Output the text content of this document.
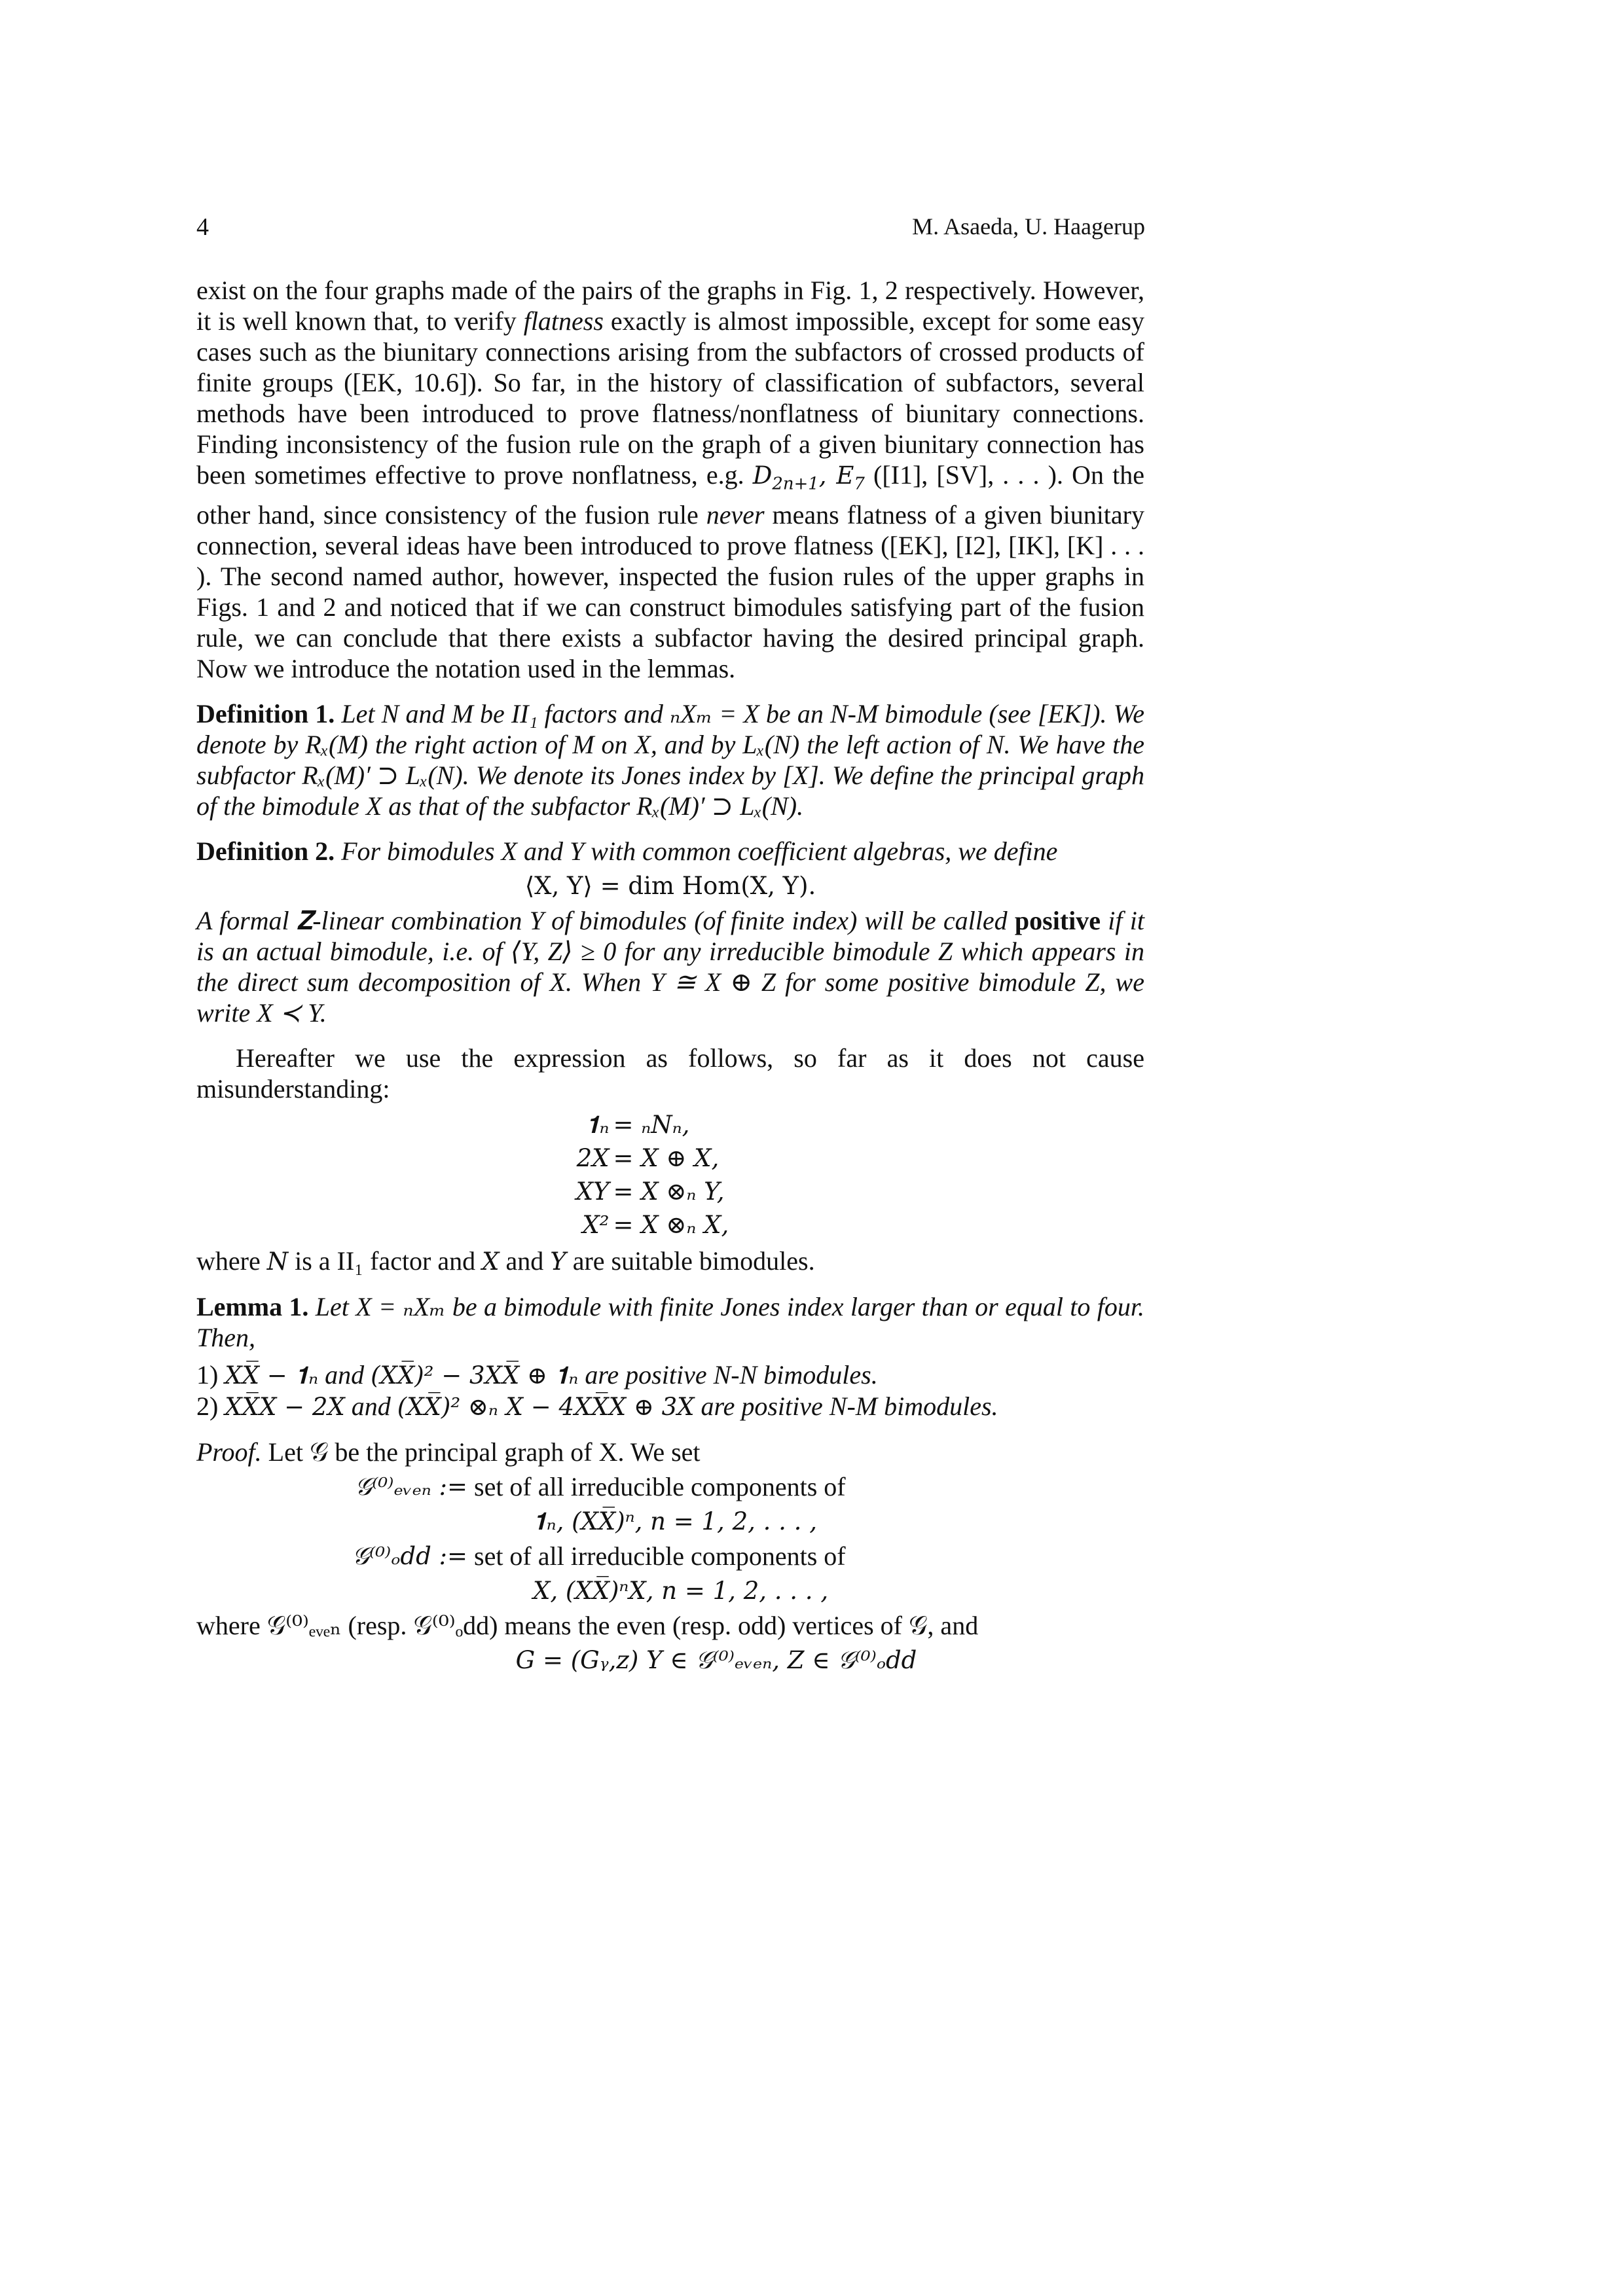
4	M. Asaeda, U. Haagerup

exist on the four graphs made of the pairs of the graphs in Fig. 1, 2 respectively. However, it is well known that, to verify flatness exactly is almost impossible, except for some easy cases such as the biunitary connections arising from the subfactors of crossed products of finite groups ([EK, 10.6]). So far, in the history of classification of subfactors, several methods have been introduced to prove flatness/nonflatness of biunitary connections. Finding inconsistency of the fusion rule on the graph of a given biunitary connection has been sometimes effective to prove nonflatness, e.g. $D_{2n+1}$, $E_7$ ([I1], [SV], . . . ). On the other hand, since consistency of the fusion rule never means flatness of a given biunitary connection, several ideas have been introduced to prove flatness ([EK], [I2], [IK], [K] . . . ). The second named author, however, inspected the fusion rules of the upper graphs in Figs. 1 and 2 and noticed that if we can construct bimodules satisfying part of the fusion rule, we can conclude that there exists a subfactor having the desired principal graph. Now we introduce the notation used in the lemmas.

Definition 1. Let N and M be II₁ factors and ₙXₘ = X be an N-M bimodule (see [EK]). We denote by Rₓ(M) the right action of M on X, and by Lₓ(N) the left action of N. We have the subfactor Rₓ(M)′ ⊃ Lₓ(N). We denote its Jones index by [X]. We define the principal graph of the bimodule X as that of the subfactor Rₓ(M)′ ⊃ Lₓ(N).

Definition 2. For bimodules X and Y with common coefficient algebras, we define

⟨X, Y⟩ = dim Hom(X, Y).

A formal 𝐙-linear combination Y of bimodules (of finite index) will be called positive if it is an actual bimodule, i.e. of ⟨Y, Z⟩ ≥ 0 for any irreducible bimodule Z which appears in the direct sum decomposition of X. When Y ≅ X ⊕ Z for some positive bimodule Z, we write X ≺ Y.

Hereafter we use the expression as follows, so far as it does not cause misunderstanding:

𝟏ₙ = ₙNₙ,
2X = X ⊕ X,
XY = X ⊗ₙ Y,
X² = X ⊗ₙ X,

where N is a II₁ factor and X and Y are suitable bimodules.

Lemma 1. Let X = ₙXₘ be a bimodule with finite Jones index larger than or equal to four. Then,

1) XX̅ − 𝟏ₙ and (XX̅)² − 3XX̅ ⊕ 𝟏ₙ are positive N-N bimodules.

2) XX̅X − 2X and (XX̅)² ⊗ₙ X − 4XX̅X ⊕ 3X are positive N-M bimodules.

Proof. Let 𝒢 be the principal graph of X. We set

𝒢⁽⁰⁾ₑᵥₑₙ := set of all irreducible components of
𝟏ₙ, (XX̅)ⁿ, n = 1, 2, . . . ,
𝒢⁽⁰⁾ₒdd := set of all irreducible components of
X, (XX̅)ⁿX, n = 1, 2, . . . ,

where 𝒢⁽⁰⁾ₑᵥₑₙ (resp. 𝒢⁽⁰⁾ₒdd) means the even (resp. odd) vertices of 𝒢, and

G = (Gᵧ,ᴢ) Y ∈ 𝒢⁽⁰⁾ₑᵥₑₙ, Z ∈ 𝒢⁽⁰⁾ₒdd
